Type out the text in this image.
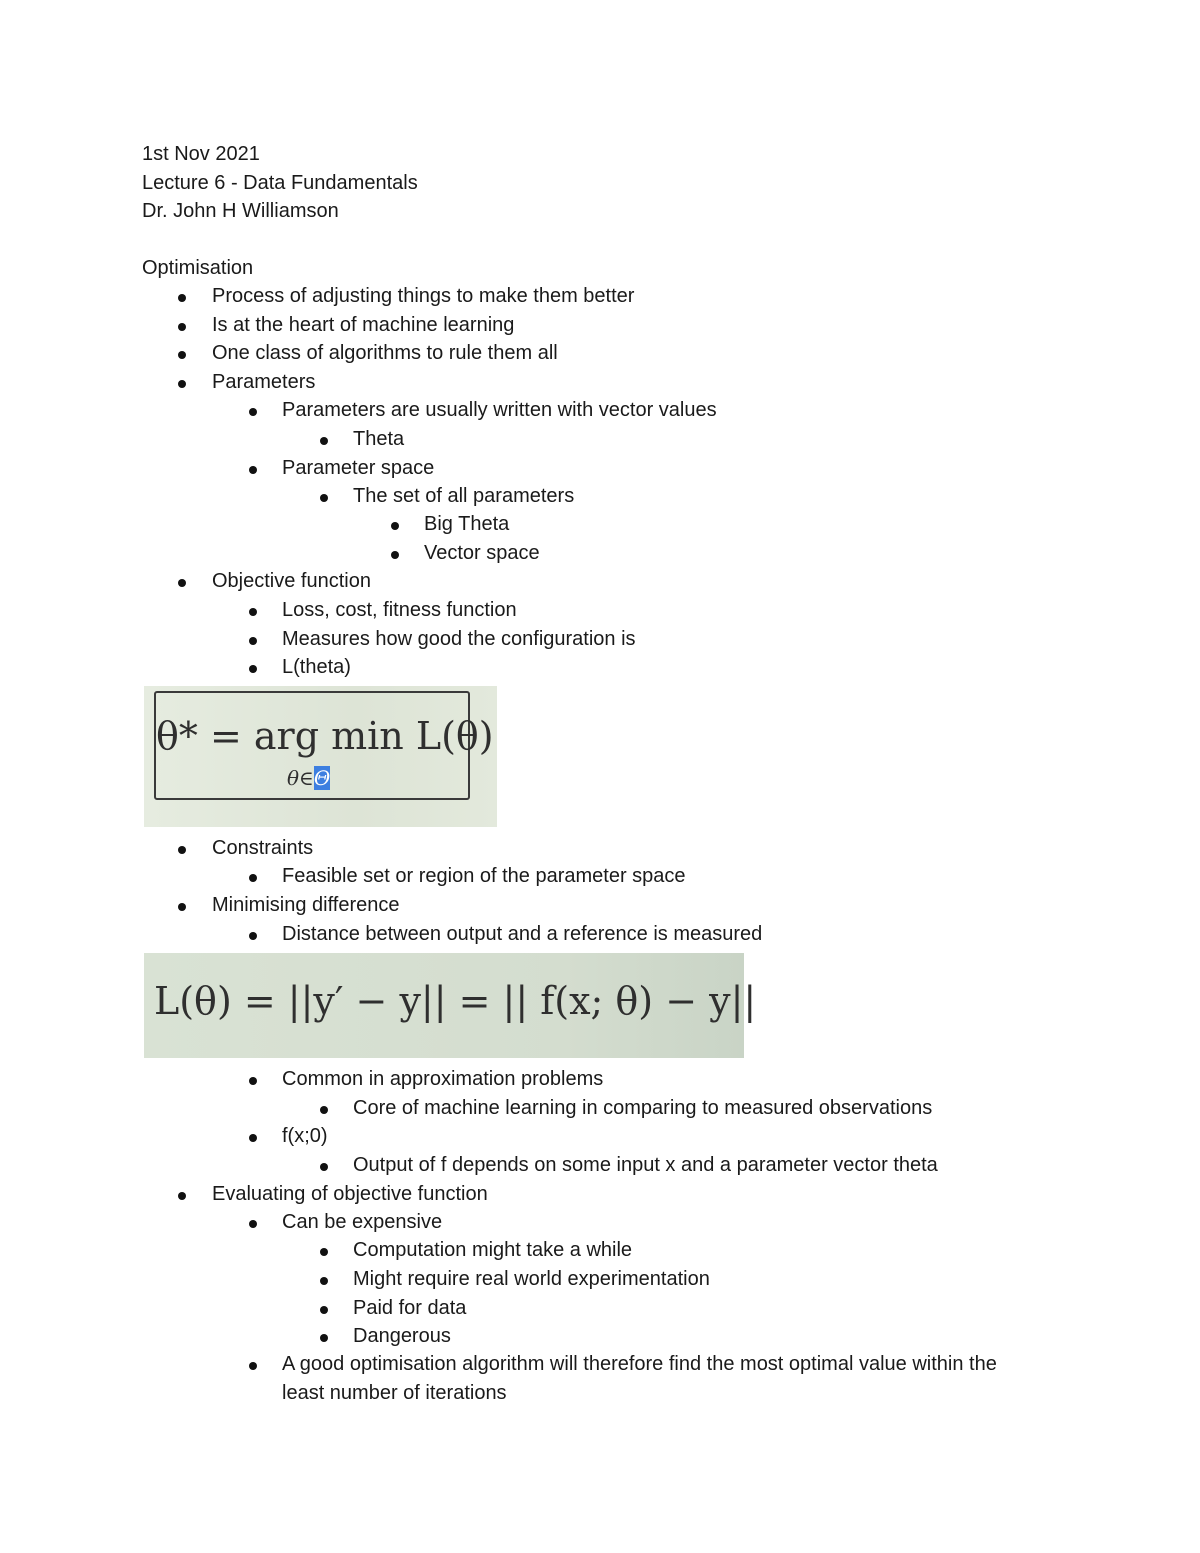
1st Nov 2021
Lecture 6 - Data Fundamentals
Dr. John H Williamson
Optimisation
Process of adjusting things to make them better
Is at the heart of machine learning
One class of algorithms to rule them all
Parameters
Parameters are usually written with vector values
Theta
Parameter space
The set of all parameters
Big Theta
Vector space
Objective function
Loss, cost, fitness function
Measures how good the configuration is
L(theta)
θ* = arg min L(θ)
θ∈Θ
Constraints
Feasible set or region of the parameter space
Minimising difference
Distance between output and a reference is measured
L(θ) = ||y′ − y|| = || f(x; θ) − y||
Common in approximation problems
Core of machine learning in comparing to measured observations
f(x;0)
Output of f depends on some input x and a parameter vector theta
Evaluating of objective function
Can be expensive
Computation might take a while
Might require real world experimentation
Paid for data
Dangerous
A good optimisation algorithm will therefore find the most optimal value within the
least number of iterations
